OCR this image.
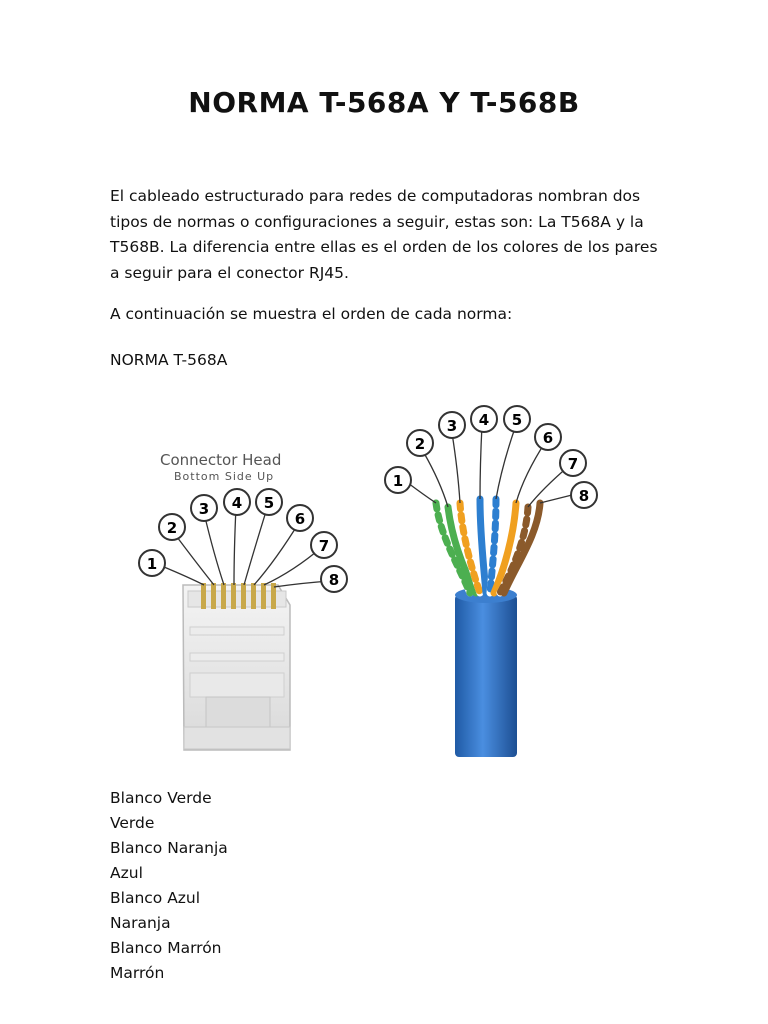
NORMA T-568A Y T-568B

El cableado estructurado para redes de computadoras nombran dos tipos de normas o configuraciones a seguir, estas son: La T568A y la T568B. La diferencia entre ellas es el orden de los colores de los pares a seguir para el conector RJ45.

A continuación se muestra el orden de cada norma:

NORMA T-568A
Connector Head
Bottom Side Up
1
2
3 4 5
6
7
8
1
2
3 4 5
6
7
8
Blanco Verde
Verde
Blanco Naranja
Azul
Blanco Azul
Naranja
Blanco Marrón
Marrón
